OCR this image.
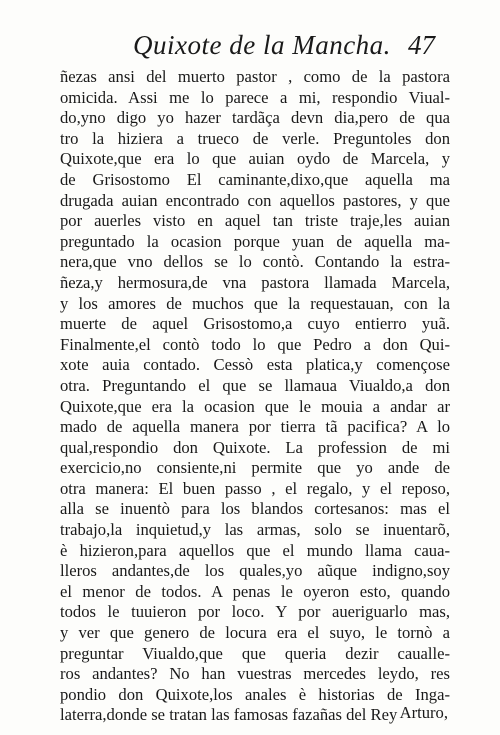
Quixote de la Mancha. 47
ñezas ansi del muerto pastor , como de la pastora
omicida. Assi me lo parece a mi, respondio Viual-
do,yno digo yo hazer tardãça devn dia,pero de qua
tro la hiziera a trueco de verle. Preguntoles don
Quixote,que era lo que auian oydo de Marcela, y
de Grisostomo El caminante,dixo,que aquella ma
drugada auian encontrado con aquellos pastores, y que
por auerles visto en aquel tan triste traje,les auian
preguntado la ocasion porque yuan de aquella ma-
nera,que vno dellos se lo contò. Contando la estra-
ñeza,y hermosura,de vna pastora llamada Marcela,
y los amores de muchos que la requestauan, con la
muerte de aquel Grisostomo,a cuyo entierro yuã.
Finalmente,el contò todo lo que Pedro a don Qui-
xote auia contado. Cessò esta platica,y començose
otra. Preguntando el que se llamaua Viualdo,a don
Quixote,que era la ocasion que le mouia a andar ar
mado de aquella manera por tierra tã pacifica? A lo
qual,respondio don Quixote. La profession de mi
exercicio,no consiente,ni permite que yo ande de
otra manera: El buen passo , el regalo, y el reposo,
alla se inuentò para los blandos cortesanos: mas el
trabajo,la inquietud,y las armas, solo se inuentarõ,
è hizieron,para aquellos que el mundo llama caua-
lleros andantes,de los quales,yo aũque indigno,soy
el menor de todos. A penas le oyeron esto, quando
todos le tuuieron por loco. Y por aueriguarlo mas,
y ver que genero de locura era el suyo, le tornò a
preguntar Viualdo,que que queria dezir caualle-
ros andantes? No han vuestras mercedes leydo, res
pondio don Quixote,los anales è historias de Inga-
laterra,donde se tratan las famosas fazañas del Rey Arturo,
